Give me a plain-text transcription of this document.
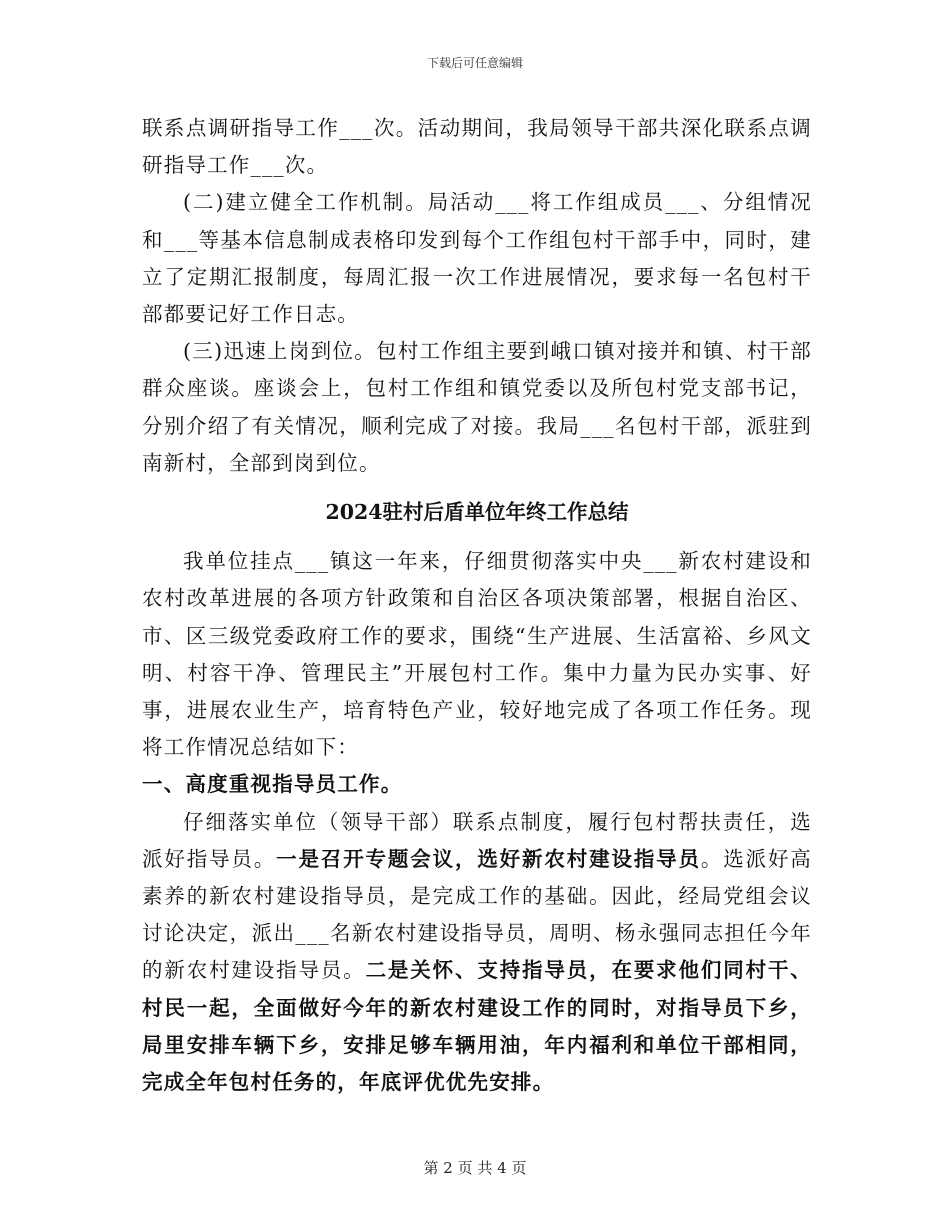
下载后可任意编辑

联系点调研指导工作___次。活动期间，我局领导干部共深化联系点调研指导工作___次。

(二)建立健全工作机制。局活动___将工作组成员___、分组情况和___等基本信息制成表格印发到每个工作组包村干部手中，同时，建立了定期汇报制度，每周汇报一次工作进展情况，要求每一名包村干部都要记好工作日志。

(三)迅速上岗到位。包村工作组主要到峨口镇对接并和镇、村干部群众座谈。座谈会上，包村工作组和镇党委以及所包村党支部书记，分别介绍了有关情况，顺利完成了对接。我局___名包村干部，派驻到南新村，全部到岗到位。

2024驻村后盾单位年终工作总结

我单位挂点___镇这一年来，仔细贯彻落实中央___新农村建设和农村改革进展的各项方针政策和自治区各项决策部署，根据自治区、市、区三级党委政府工作的要求，围绕“生产进展、生活富裕、乡风文明、村容干净、管理民主”开展包村工作。集中力量为民办实事、好事，进展农业生产，培育特色产业，较好地完成了各项工作任务。现将工作情况总结如下：

一、高度重视指导员工作。

仔细落实单位（领导干部）联系点制度，履行包村帮扶责任，选派好指导员。一是召开专题会议，选好新农村建设指导员。选派好高素养的新农村建设指导员，是完成工作的基础。因此，经局党组会议讨论决定，派出___名新农村建设指导员，周明、杨永强同志担任今年的新农村建设指导员。二是关怀、支持指导员，在要求他们同村干、村民一起，全面做好今年的新农村建设工作的同时，对指导员下乡，局里安排车辆下乡，安排足够车辆用油，年内福利和单位干部相同，完成全年包村任务的，年底评优优先安排。

第 2 页 共 4 页
